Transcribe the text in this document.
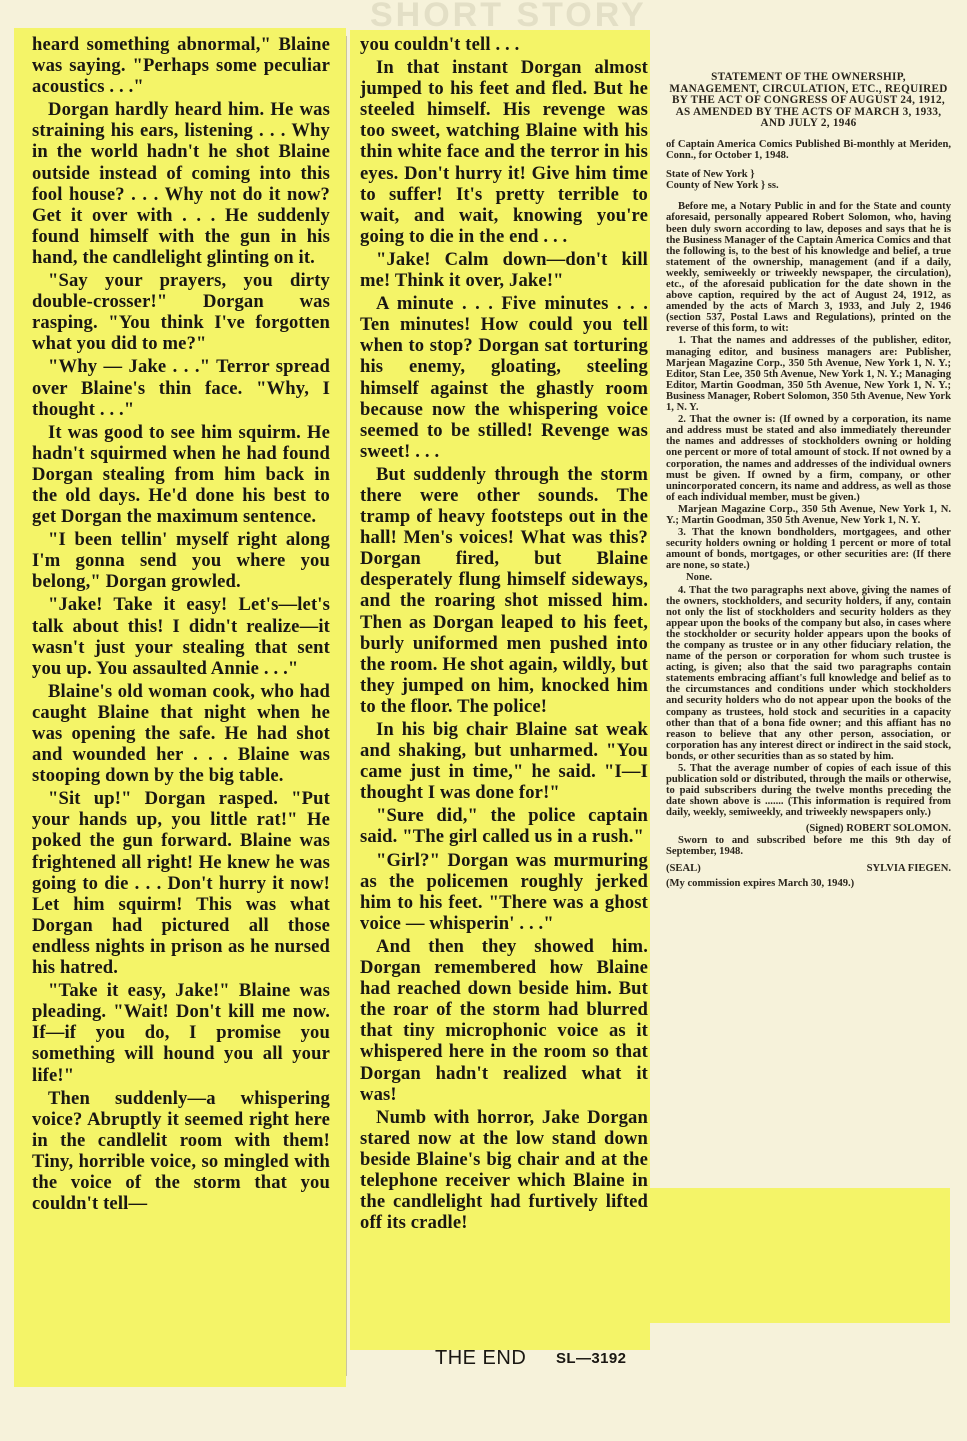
SHORT STORY

heard something abnormal," Blaine was saying. "Perhaps some peculiar acoustics . . ."

Dorgan hardly heard him. He was straining his ears, listening . . . Why in the world hadn't he shot Blaine outside instead of coming into this fool house? . . . Why not do it now? Get it over with . . . He suddenly found himself with the gun in his hand, the candlelight glinting on it.

"Say your prayers, you dirty double-crosser!" Dorgan was rasping. "You think I've forgotten what you did to me?"

"Why — Jake . . ." Terror spread over Blaine's thin face. "Why, I thought . . ."

It was good to see him squirm. He hadn't squirmed when he had found Dorgan stealing from him back in the old days. He'd done his best to get Dorgan the maximum sentence.

"I been tellin' myself right along I'm gonna send you where you belong," Dorgan growled.

"Jake! Take it easy! Let's—let's talk about this! I didn't realize—it wasn't just your stealing that sent you up. You assaulted Annie . . ."

Blaine's old woman cook, who had caught Blaine that night when he was opening the safe. He had shot and wounded her . . . Blaine was stooping down by the big table.

"Sit up!" Dorgan rasped. "Put your hands up, you little rat!" He poked the gun forward. Blaine was frightened all right! He knew he was going to die . . . Don't hurry it now! Let him squirm! This was what Dorgan had pictured all those endless nights in prison as he nursed his hatred.

"Take it easy, Jake!" Blaine was pleading. "Wait! Don't kill me now. If—if you do, I promise you something will hound you all your life!"

Then suddenly—a whispering voice? Abruptly it seemed right here in the candlelit room with them! Tiny, horrible voice, so mingled with the voice of the storm that you couldn't tell—

you couldn't tell . . .

In that instant Dorgan almost jumped to his feet and fled. But he steeled himself. His revenge was too sweet, watching Blaine with his thin white face and the terror in his eyes. Don't hurry it! Give him time to suffer! It's pretty terrible to wait, and wait, knowing you're going to die in the end . . .

"Jake! Calm down—don't kill me! Think it over, Jake!"

A minute . . . Five minutes . . . Ten minutes! How could you tell when to stop? Dorgan sat torturing his enemy, gloating, steeling himself against the ghastly room because now the whispering voice seemed to be stilled! Revenge was sweet! . . .

But suddenly through the storm there were other sounds. The tramp of heavy footsteps out in the hall! Men's voices! What was this? Dorgan fired, but Blaine desperately flung himself sideways, and the roaring shot missed him. Then as Dorgan leaped to his feet, burly uniformed men pushed into the room. He shot again, wildly, but they jumped on him, knocked him to the floor. The police!

In his big chair Blaine sat weak and shaking, but unharmed. "You came just in time," he said. "I—I thought I was done for!"

"Sure did," the police captain said. "The girl called us in a rush."

"Girl?" Dorgan was murmuring as the policemen roughly jerked him to his feet. "There was a ghost voice — whisperin' . . ."

And then they showed him. Dorgan remembered how Blaine had reached down beside him. But the roar of the storm had blurred that tiny microphonic voice as it whispered here in the room so that Dorgan hadn't realized what it was!

Numb with horror, Jake Dorgan stared now at the low stand down beside Blaine's big chair and at the telephone receiver which Blaine in the candlelight had furtively lifted off its cradle!

THE END SL—3192

STATEMENT OF THE OWNERSHIP, MANAGEMENT, CIRCULATION, ETC., REQUIRED BY THE ACT OF CONGRESS OF AUGUST 24, 1912, AS AMENDED BY THE ACTS OF MARCH 3, 1933, AND JULY 2, 1946

of Captain America Comics Published Bi-monthly at Meriden, Conn., for October 1, 1948.

State of New York }
County of New York } ss.

Before me, a Notary Public in and for the State and county aforesaid, personally appeared Robert Solomon, who, having been duly sworn according to law, deposes and says that he is the Business Manager of the Captain America Comics and that the following is, to the best of his knowledge and belief, a true statement of the ownership, management (and if a daily, weekly, semiweekly or triweekly newspaper, the circulation), etc., of the aforesaid publication for the date shown in the above caption, required by the act of August 24, 1912, as amended by the acts of March 3, 1933, and July 2, 1946 (section 537, Postal Laws and Regulations), printed on the reverse of this form, to wit:

1. That the names and addresses of the publisher, editor, managing editor, and business managers are: Publisher, Marjean Magazine Corp., 350 5th Avenue, New York 1, N. Y.; Editor, Stan Lee, 350 5th Avenue, New York 1, N. Y.; Managing Editor, Martin Goodman, 350 5th Avenue, New York 1, N. Y.; Business Manager, Robert Solomon, 350 5th Avenue, New York 1, N. Y.

2. That the owner is: (If owned by a corporation, its name and address must be stated and also immediately thereunder the names and addresses of stockholders owning or holding one percent or more of total amount of stock. If not owned by a corporation, the names and addresses of the individual owners must be given. If owned by a firm, company, or other unincorporated concern, its name and address, as well as those of each individual member, must be given.)

Marjean Magazine Corp., 350 5th Avenue, New York 1, N. Y.; Martin Goodman, 350 5th Avenue, New York 1, N. Y.

3. That the known bondholders, mortgagees, and other security holders owning or holding 1 percent or more of total amount of bonds, mortgages, or other securities are: (If there are none, so state.)

None.

4. That the two paragraphs next above, giving the names of the owners, stockholders, and security holders, if any, contain not only the list of stockholders and security holders as they appear upon the books of the company but also, in cases where the stockholder or security holder appears upon the books of the company as trustee or in any other fiduciary relation, the name of the person or corporation for whom such trustee is acting, is given; also that the said two paragraphs contain statements embracing affiant's full knowledge and belief as to the circumstances and conditions under which stockholders and security holders who do not appear upon the books of the company as trustees, hold stock and securities in a capacity other than that of a bona fide owner; and this affiant has no reason to believe that any other person, association, or corporation has any interest direct or indirect in the said stock, bonds, or other securities than as so stated by him.

5. That the average number of copies of each issue of this publication sold or distributed, through the mails or otherwise, to paid subscribers during the twelve months preceding the date shown above is ....... (This information is required from daily, weekly, semiweekly, and triweekly newspapers only.)

(Signed) ROBERT SOLOMON.

Sworn to and subscribed before me this 9th day of September, 1948.

(SEAL)	SYLVIA FIEGEN.

(My commission expires March 30, 1949.)
